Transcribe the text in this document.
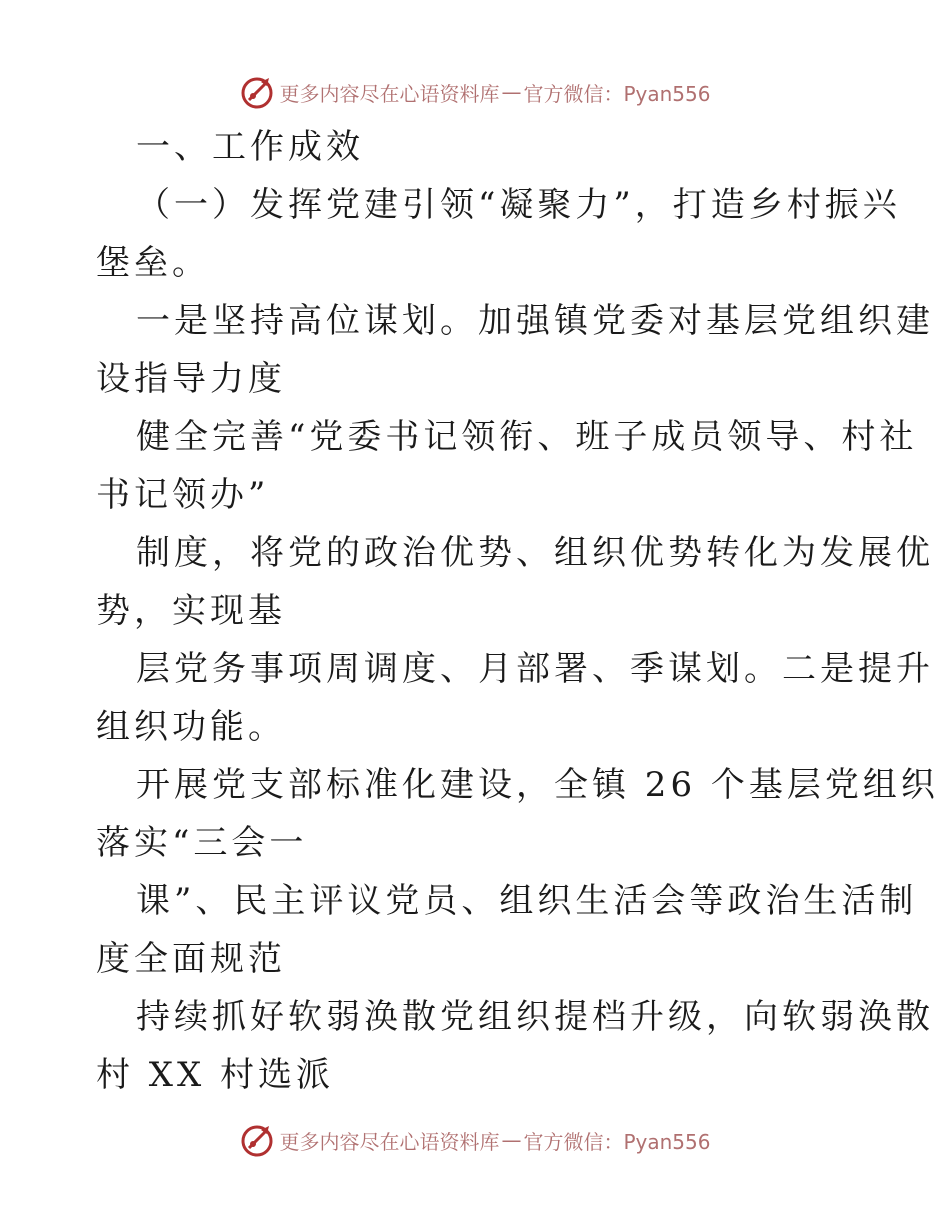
更多内容尽在心语资料库 — 官方微信：Pyan556
一、工作成效
（一）发挥党建引领“凝聚力”，打造乡村振兴
堡垒。
一是坚持高位谋划。加强镇党委对基层党组织建
设指导力度
健全完善“党委书记领衔、班子成员领导、村社
书记领办”
制度，将党的政治优势、组织优势转化为发展优
势，实现基
层党务事项周调度、月部署、季谋划。二是提升
组织功能。
开展党支部标准化建设，全镇 26 个基层党组织
落实“三会一
课”、民主评议党员、组织生活会等政治生活制
度全面规范
持续抓好软弱涣散党组织提档升级，向软弱涣散
村 XX 村选派
更多内容尽在心语资料库 — 官方微信：Pyan556
